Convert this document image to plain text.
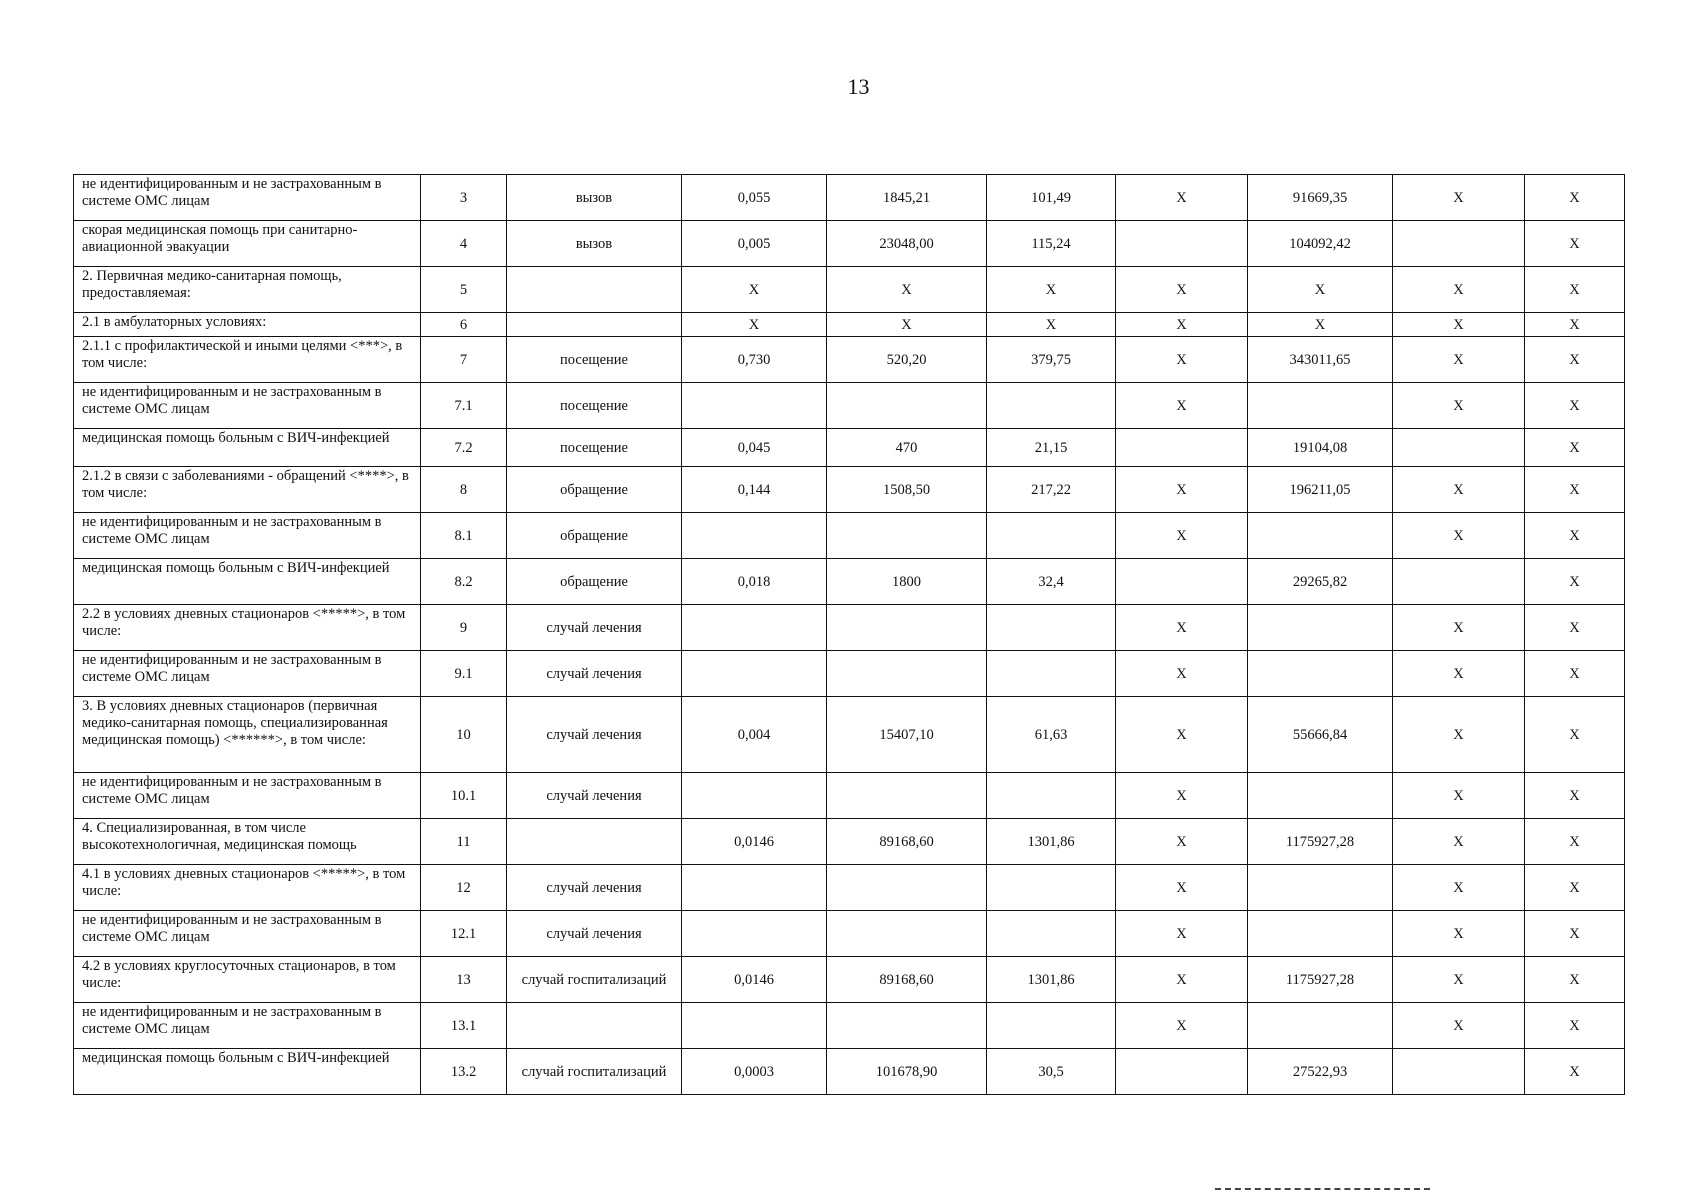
13
не идентифицированным и не застрахованным в системе ОМС лицам	3	вызов	0,055	1845,21	101,49	X	91669,35	X	X
скорая медицинская помощь при санитарно-авиационной эвакуации	4	вызов	0,005	23048,00	115,24		104092,42		X
2. Первичная медико-санитарная помощь, предоставляемая:	5		X	X	X	X	X	X	X
2.1 в амбулаторных условиях:	6		X	X	X	X	X	X	X
2.1.1 с профилактической и иными целями <***>, в том числе:	7	посещение	0,730	520,20	379,75	X	343011,65	X	X
не идентифицированным и не застрахованным в системе ОМС лицам	7.1	посещение				X		X	X
медицинская помощь больным с ВИЧ-инфекцией	7.2	посещение	0,045	470	21,15		19104,08		X
2.1.2 в связи с заболеваниями - обращений <****>, в том числе:	8	обращение	0,144	1508,50	217,22	X	196211,05	X	X
не идентифицированным и не застрахованным в системе ОМС лицам	8.1	обращение				X		X	X
медицинская помощь больным с ВИЧ-инфекцией	8.2	обращение	0,018	1800	32,4		29265,82		X
2.2 в условиях дневных стационаров <*****>, в том числе:	9	случай лечения				X		X	X
не идентифицированным и не застрахованным в системе ОМС лицам	9.1	случай лечения				X		X	X
3. В условиях дневных стационаров (первичная медико-санитарная помощь, специализированная медицинская помощь) <******>, в том числе:	10	случай лечения	0,004	15407,10	61,63	X	55666,84	X	X
не идентифицированным и не застрахованным в системе ОМС лицам	10.1	случай лечения				X		X	X
4. Специализированная, в том числе высокотехнологичная, медицинская помощь	11		0,0146	89168,60	1301,86	X	1175927,28	X	X
4.1 в условиях дневных стационаров <*****>, в том числе:	12	случай лечения				X		X	X
не идентифицированным и не застрахованным в системе ОМС лицам	12.1	случай лечения				X		X	X
4.2 в условиях круглосуточных стационаров, в том числе:	13	случай госпитализаций	0,0146	89168,60	1301,86	X	1175927,28	X	X
не идентифицированным и не застрахованным в системе ОМС лицам	13.1					X		X	X
медицинская помощь больным с ВИЧ-инфекцией	13.2	случай госпитализаций	0,0003	101678,90	30,5		27522,93		X
